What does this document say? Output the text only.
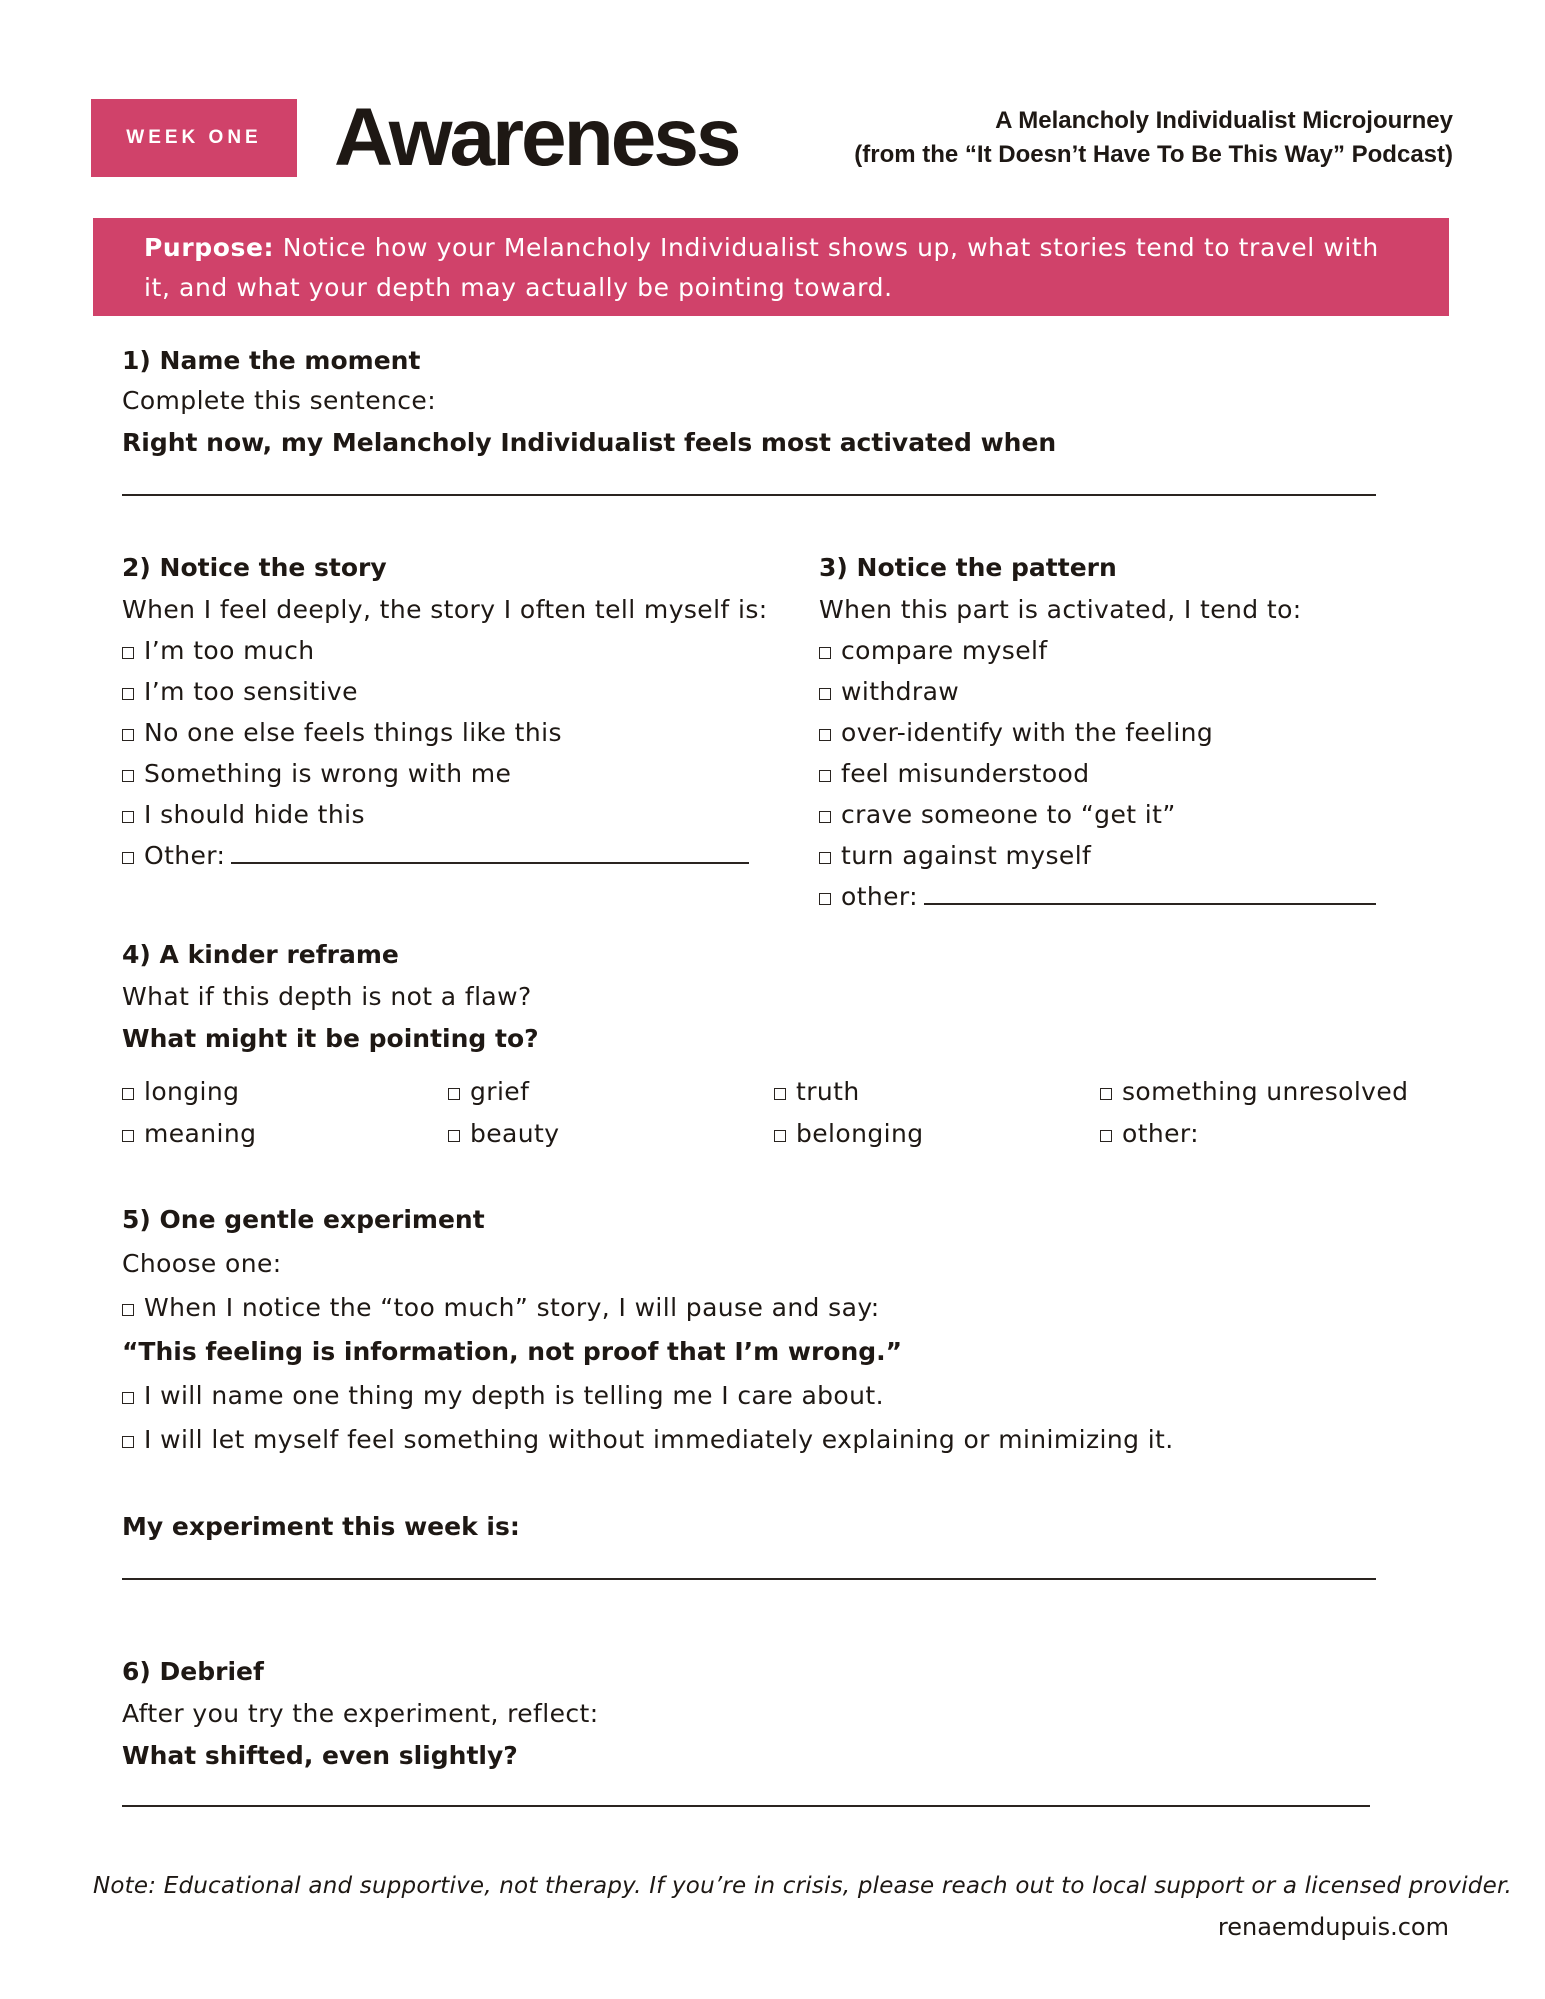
WEEK ONE Awareness	A Melancholy Individualist Microjourney
(from the “It Doesn’t Have To Be This Way” Podcast)
Purpose: Notice how your Melancholy Individualist shows up, what stories tend to travel with it, and what your depth may actually be pointing toward.
1) Name the moment
Complete this sentence:
Right now, my Melancholy Individualist feels most activated when
2) Notice the story
When I feel deeply, the story I often tell myself is:
I’m too much
I’m too sensitive
No one else feels things like this
Something is wrong with me
I should hide this
Other:
3) Notice the pattern
When this part is activated, I tend to:
compare myself
withdraw
over-identify with the feeling
feel misunderstood
crave someone to “get it”
turn against myself
other:
4) A kinder reframe
What if this depth is not a flaw?
What might it be pointing to?
longing	grief	truth	something unresolved
meaning	beauty	belonging	other:
5) One gentle experiment
Choose one:
When I notice the “too much” story, I will pause and say:
“This feeling is information, not proof that I’m wrong.”
I will name one thing my depth is telling me I care about.
I will let myself feel something without immediately explaining or minimizing it.
My experiment this week is:
6) Debrief
After you try the experiment, reflect:
What shifted, even slightly?
Note: Educational and supportive, not therapy. If you’re in crisis, please reach out to local support or a licensed provider.
renaemdupuis.com
